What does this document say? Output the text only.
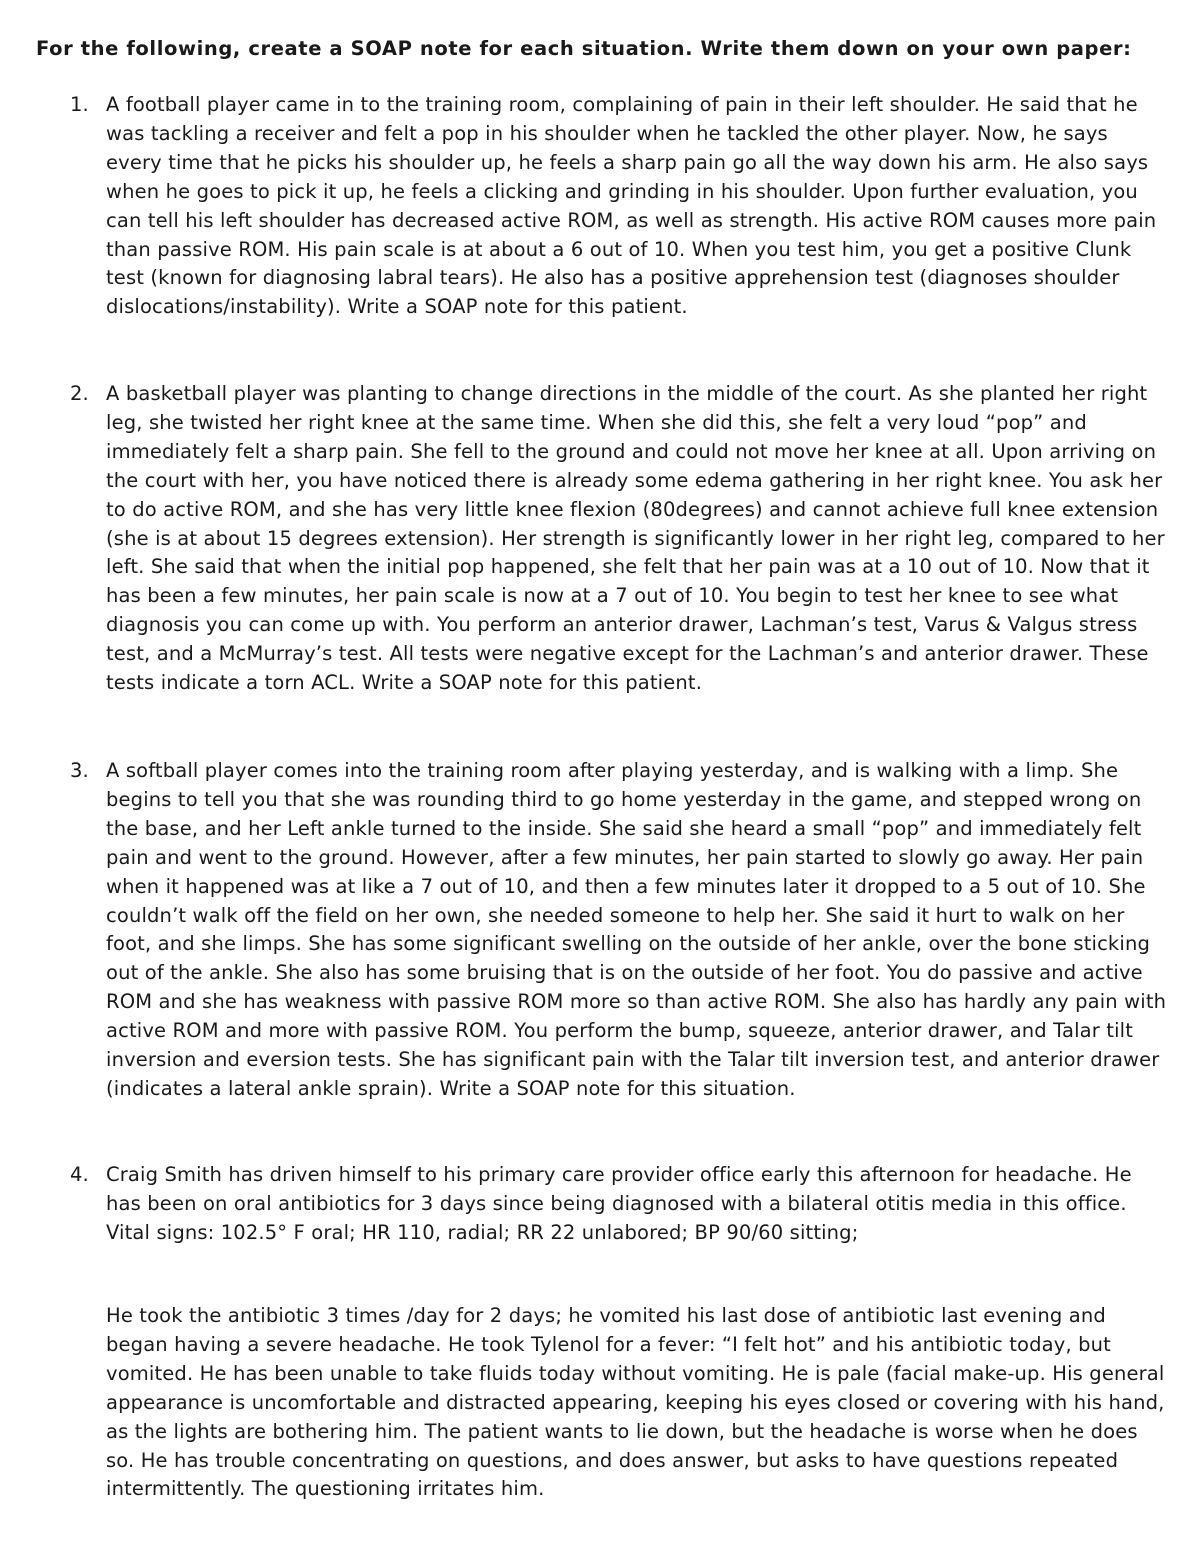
For the following, create a SOAP note for each situation. Write them down on your own paper:

1. A football player came in to the training room, complaining of pain in their left shoulder. He said that he was tackling a receiver and felt a pop in his shoulder when he tackled the other player. Now, he says every time that he picks his shoulder up, he feels a sharp pain go all the way down his arm. He also says when he goes to pick it up, he feels a clicking and grinding in his shoulder. Upon further evaluation, you can tell his left shoulder has decreased active ROM, as well as strength. His active ROM causes more pain than passive ROM. His pain scale is at about a 6 out of 10. When you test him, you get a positive Clunk test (known for diagnosing labral tears). He also has a positive apprehension test (diagnoses shoulder dislocations/instability). Write a SOAP note for this patient.
2. A basketball player was planting to change directions in the middle of the court. As she planted her right leg, she twisted her right knee at the same time. When she did this, she felt a very loud “pop” and immediately felt a sharp pain. She fell to the ground and could not move her knee at all. Upon arriving on the court with her, you have noticed there is already some edema gathering in her right knee. You ask her to do active ROM, and she has very little knee flexion (80degrees) and cannot achieve full knee extension (she is at about 15 degrees extension). Her strength is significantly lower in her right leg, compared to her left. She said that when the initial pop happened, she felt that her pain was at a 10 out of 10. Now that it has been a few minutes, her pain scale is now at a 7 out of 10. You begin to test her knee to see what diagnosis you can come up with. You perform an anterior drawer, Lachman’s test, Varus & Valgus stress test, and a McMurray’s test. All tests were negative except for the Lachman’s and anterior drawer. These tests indicate a torn ACL. Write a SOAP note for this patient.
3. A softball player comes into the training room after playing yesterday, and is walking with a limp. She begins to tell you that she was rounding third to go home yesterday in the game, and stepped wrong on the base, and her Left ankle turned to the inside. She said she heard a small “pop” and immediately felt pain and went to the ground. However, after a few minutes, her pain started to slowly go away. Her pain when it happened was at like a 7 out of 10, and then a few minutes later it dropped to a 5 out of 10. She couldn’t walk off the field on her own, she needed someone to help her. She said it hurt to walk on her foot, and she limps. She has some significant swelling on the outside of her ankle, over the bone sticking out of the ankle. She also has some bruising that is on the outside of her foot. You do passive and active ROM and she has weakness with passive ROM more so than active ROM. She also has hardly any pain with active ROM and more with passive ROM. You perform the bump, squeeze, anterior drawer, and Talar tilt inversion and eversion tests. She has significant pain with the Talar tilt inversion test, and anterior drawer (indicates a lateral ankle sprain). Write a SOAP note for this situation.
4. Craig Smith has driven himself to his primary care provider office early this afternoon for headache. He has been on oral antibiotics for 3 days since being diagnosed with a bilateral otitis media in this office. Vital signs: 102.5° F oral; HR 110, radial; RR 22 unlabored; BP 90/60 sitting;
He took the antibiotic 3 times /day for 2 days; he vomited his last dose of antibiotic last evening and began having a severe headache. He took Tylenol for a fever: “I felt hot” and his antibiotic today, but vomited. He has been unable to take fluids today without vomiting. He is pale (facial make-up. His general appearance is uncomfortable and distracted appearing, keeping his eyes closed or covering with his hand, as the lights are bothering him. The patient wants to lie down, but the headache is worse when he does so. He has trouble concentrating on questions, and does answer, but asks to have questions repeated intermittently. The questioning irritates him.
